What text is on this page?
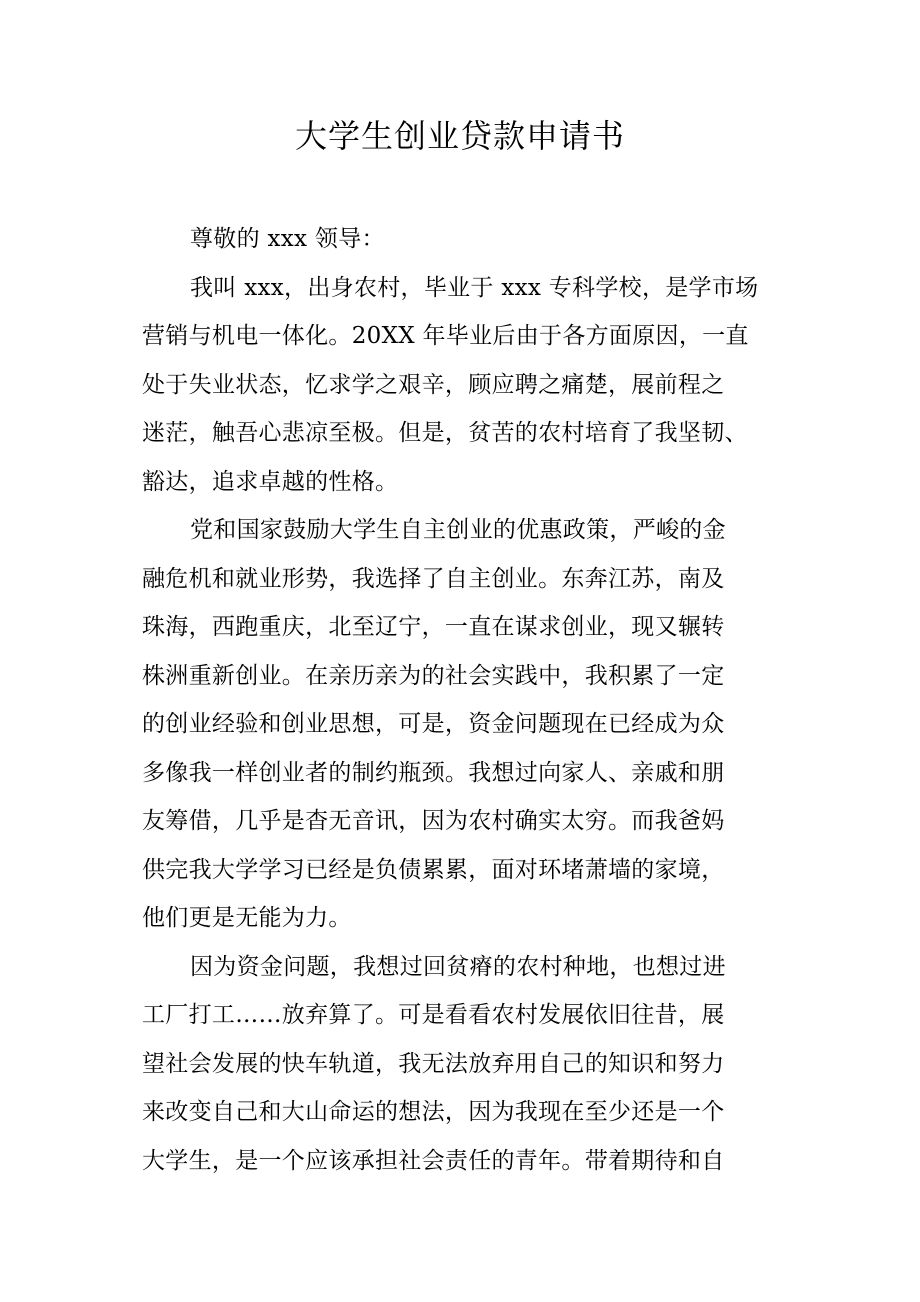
大学生创业贷款申请书
尊敬的 xxx 领导：
我叫 xxx，出身农村，毕业于 xxx 专科学校，是学市场
营销与机电一体化。20XX 年毕业后由于各方面原因，一直
处于失业状态，忆求学之艰辛，顾应聘之痛楚，展前程之
迷茫，触吾心悲凉至极。但是，贫苦的农村培育了我坚韧、
豁达，追求卓越的性格。
党和国家鼓励大学生自主创业的优惠政策，严峻的金
融危机和就业形势，我选择了自主创业。东奔江苏，南及
珠海，西跑重庆，北至辽宁，一直在谋求创业，现又辗转
株洲重新创业。在亲历亲为的社会实践中，我积累了一定
的创业经验和创业思想，可是，资金问题现在已经成为众
多像我一样创业者的制约瓶颈。我想过向家人、亲戚和朋
友筹借，几乎是杳无音讯，因为农村确实太穷。而我爸妈
供完我大学学习已经是负债累累，面对环堵萧墙的家境，
他们更是无能为力。
因为资金问题，我想过回贫瘠的农村种地，也想过进
工厂打工……放弃算了。可是看看农村发展依旧往昔，展
望社会发展的快车轨道，我无法放弃用自己的知识和努力
来改变自己和大山命运的想法，因为我现在至少还是一个
大学生，是一个应该承担社会责任的青年。带着期待和自
